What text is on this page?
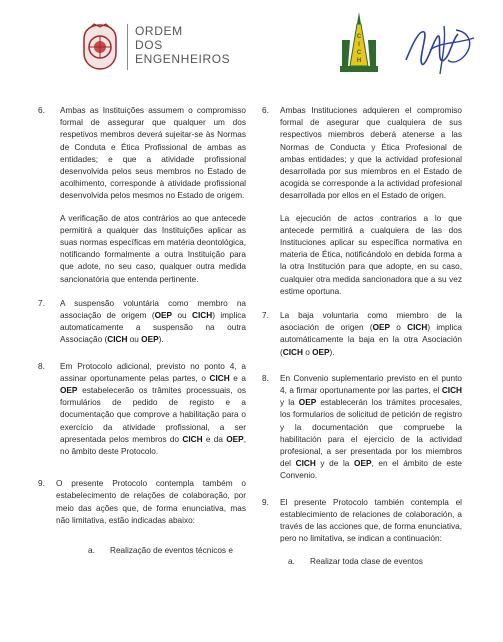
ORDEM
DOS
ENGENHEIROS
C
I
C
H
6. Ambas as Instituições assumem o compromisso formal de assegurar que qualquer um dos respetivos membros deverá sujeitar-se às Normas de Conduta e Ética Profissional de ambas as entidades; e que a atividade profissional desenvolvida pelos seus membros no Estado de acolhimento, corresponde à atividade profissional desenvolvida pelos mesmos no Estado de origem.
A verificação de atos contrários ao que antecede permitirá a qualquer das Instituições aplicar as suas normas específicas em matéria deontológica, notificando formalmente a outra Instituição para que adote, no seu caso, qualquer outra medida sancionatória que entenda pertinente.
7.	A suspensão voluntária como membro na associação de origem (OEP ou CICH) implica automaticamente a suspensão na outra Associação (CICH ou OEP).
8.	Em Protocolo adicional, previsto no ponto 4, a assinar oportunamente pelas partes, o CICH e a OEP estabelecerão os trâmites processuais, os formulários de pedido de registo e a documentação que comprove a habilitação para o exercício da atividade profissional, a ser apresentada pelos membros do CICH e da OEP, no âmbito deste Protocolo.
9.	O presente Protocolo contempla também o estabelecimento de relações de colaboração, por meio das ações que, de forma enunciativa, mas não limitativa, estão indicadas abaixo:
a.	Realização de eventos técnicos e
6. Ambas Instituciones adquieren el compromiso formal de asegurar que cualquiera de sus respectivos miembros deberá atenerse a las Normas de Conducta y Ética Profesional de ambas entidades; y que la actividad profesional desarrollada por sus miembros en el Estado de acogida se corresponde a la actividad profesional desarrollada por ellos en el Estado de origen.
La ejecución de actos contrarios a lo que antecede permitirá a cualquiera de las dos Instituciones aplicar su específica normativa en materia de Ética, notificándolo en debida forma a la otra Institución para que adopte, en su caso, cualquier otra medida sancionadora que a su vez estime oportuna.
7.	La baja voluntaria como miembro de la asociación de origen (OEP o CICH) implica automáticamente la baja en la otra Asociación (CICH o OEP).
8.	En Convenio suplementario previsto en el punto 4, a firmar oportunamente por las partes, el CICH y la OEP establecerán los trámites procesales, los formularios de solicitud de petición de registro y la documentación que compruebe la habilitación para el ejercicio de la actividad profesional, a ser presentada por los miembros del CICH y de la OEP, en el ámbito de este Convenio.
9.	El presente Protocolo también contempla el establecimiento de relaciones de colaboración, a través de las acciones que, de forma enunciativa, pero no limitativa, se indican a continuación:
a.	Realizar toda clase de eventos
